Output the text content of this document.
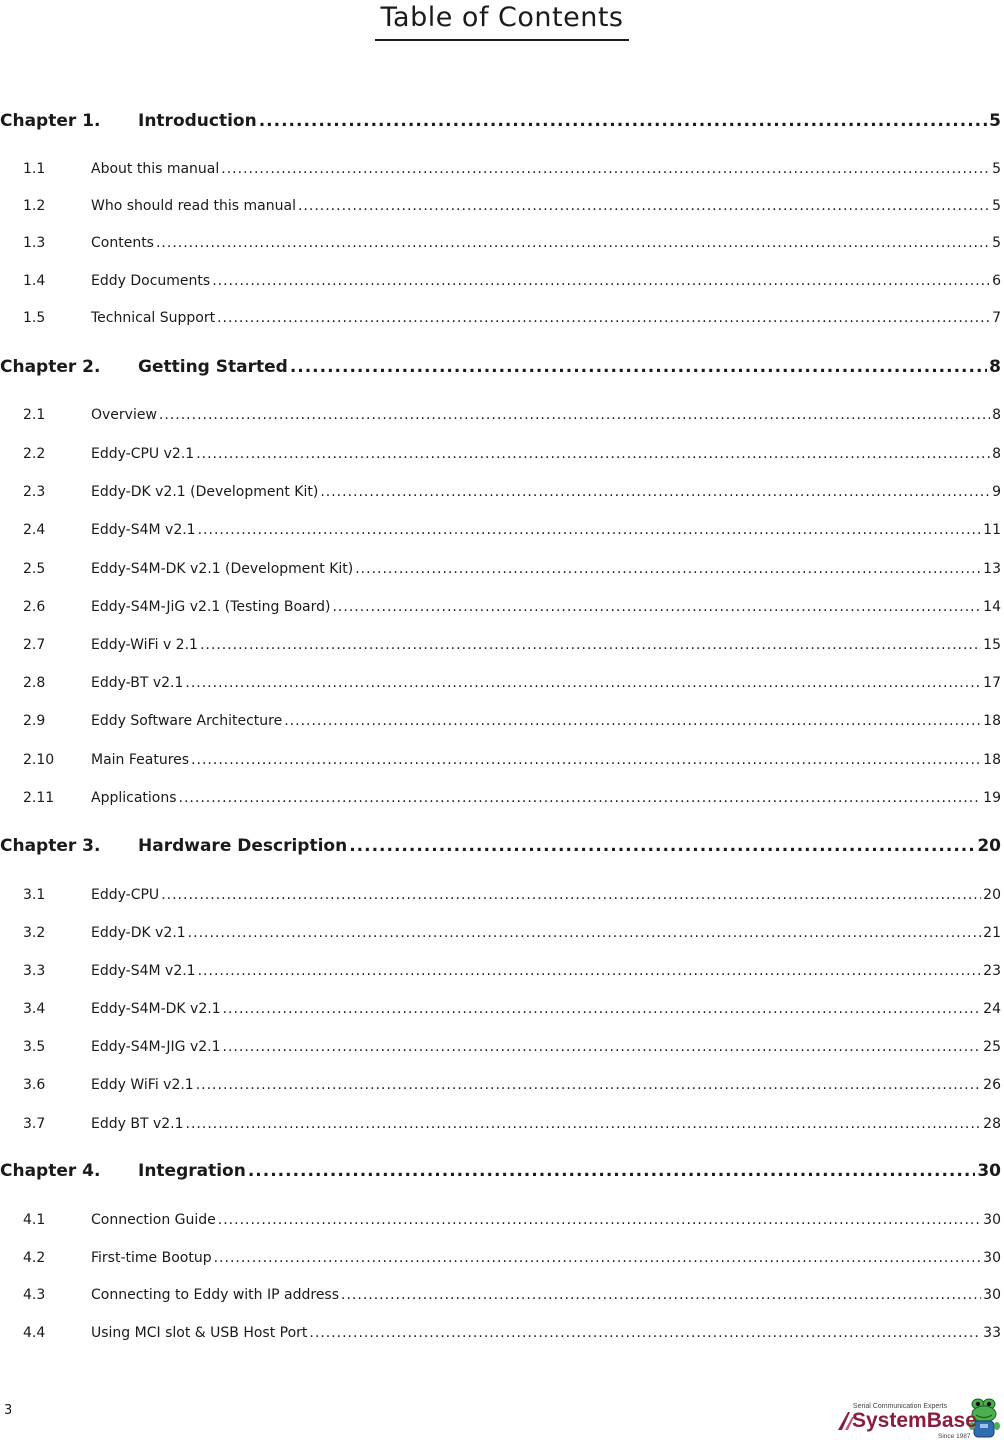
Table of Contents
Chapter 1.	Introduction .....	5
1.1	About this manual .....	5
1.2	Who should read this manual .....	5
1.3	Contents .....	5
1.4	Eddy Documents .....	6
1.5	Technical Support .....	7
Chapter 2.	Getting Started .....	8
2.1	Overview .....	8
2.2	Eddy-CPU v2.1 .....	8
2.3	Eddy-DK v2.1 (Development Kit) .....	9
2.4	Eddy-S4M v2.1 .....	11
2.5	Eddy-S4M-DK v2.1 (Development Kit) .....	13
2.6	Eddy-S4M-JiG v2.1 (Testing Board) .....	14
2.7	Eddy-WiFi v 2.1 .....	15
2.8	Eddy-BT v2.1 .....	17
2.9	Eddy Software Architecture .....	18
2.10	Main Features .....	18
2.11	Applications .....	19
Chapter 3.	Hardware Description .....	20
3.1	Eddy-CPU .....	20
3.2	Eddy-DK v2.1 .....	21
3.3	Eddy-S4M v2.1 .....	23
3.4	Eddy-S4M-DK v2.1 .....	24
3.5	Eddy-S4M-JIG v2.1 .....	25
3.6	Eddy WiFi v2.1 .....	26
3.7	Eddy BT v2.1 .....	28
Chapter 4.	Integration .....	30
4.1	Connection Guide .....	30
4.2	First-time Bootup .....	30
4.3	Connecting to Eddy with IP address .....	30
4.4	Using MCI slot & USB Host Port .....	33
3	Serial Communication Experts
SystemBase
Since 1987
